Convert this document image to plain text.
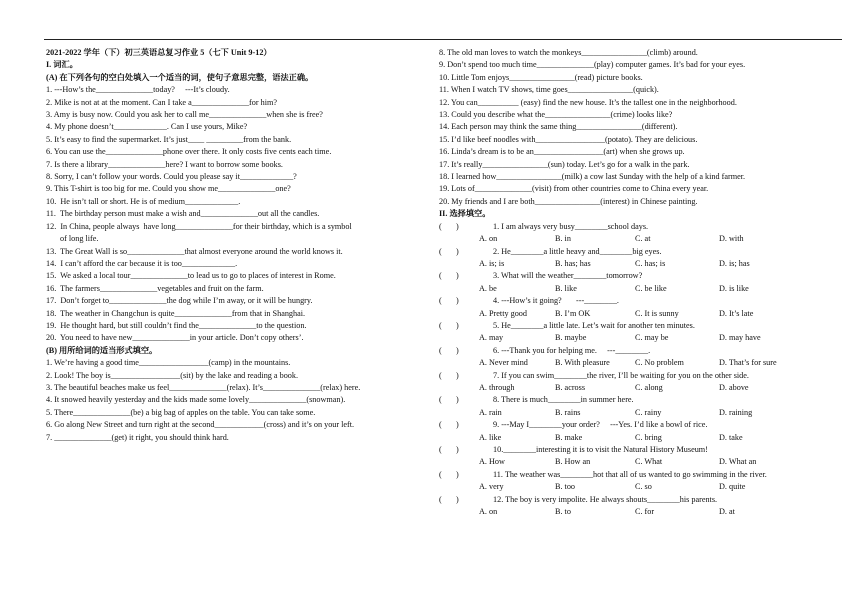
2021-2022 学年（下）初三英语总复习作业 5（七下 Unit 9-12）
I. 词汇。
(A) 在下列各句的空白处填入一个适当的词，使句子意思完整，语法正确。
1. ---How’s the______________today?     ---It’s cloudy.
2. Mike is not at at the moment. Can I take a______________for him?
3. Amy is busy now. Could you ask her to call me______________when she is free?
4. My phone doesn’t_____________. Can I use yours, Mike?
5. It’s easy to find the supermarket. It’s just____ _________from the bank.
6. You can use the______________phone over there. It only costs five cents each time.
7. Is there a library______________here? I want to borrow some books.
8. Sorry, I can’t follow your words. Could you please say it_____________?
9. This T-shirt is too big for me. Could you show me______________one?
10.  He isn’t tall or short. He is of medium_____________.
11.  The birthday person must make a wish and______________out all the candles.
12.  In China, people always  have long______________for their birthday, which is a symbol
of long life.
13.  The Great Wall is so______________that almost everyone around the world knows it.
14.  I can’t afford the car because it is too_____________.
15.  We asked a local tour______________to lead us to go to places of interest in Rome.
16.  The farmers______________vegetables and fruit on the farm.
17.  Don’t forget to______________the dog while I’m away, or it will be hungry.
18.  The weather in Changchun is quite______________from that in Shanghai.
19.  He thought hard, but still couldn’t find the______________to the question.
20.  You need to have new______________in your article. Don’t copy others’.
(B) 用所给词的适当形式填空。
1. We’re having a good time_________________(camp) in the mountains.
2. Look! The boy is_________________(sit) by the lake and reading a book.
3. The beautiful beaches make us feel______________(relax). It’s______________(relax) here.
4. It snowed heavily yesterday and the kids made some lovely______________(snowman).
5. There______________(be) a big bag of apples on the table. You can take some.
6. Go along New Street and turn right at the second____________(cross) and it’s on your left.
7. ______________(get) it right, you should think hard.
8. The old man loves to watch the monkeys________________(climb) around.
9. Don’t spend too much time______________(play) computer games. It’s bad for your eyes.
10. Little Tom enjoys________________(read) picture books.
11. When I watch TV shows, time goes________________(quick).
12. You can__________ (easy) find the new house. It’s the tallest one in the neighborhood.
13. Could you describe what the________________(crime) looks like?
14. Each person may think the same thing________________(different).
15. I’d like beef noodles with_________________(potato). They are delicious.
16. Linda’s dream is to be an_________________(art) when she grows up.
17. It’s really________________(sun) today. Let’s go for a walk in the park.
18. I learned how________________(milk) a cow last Sunday with the help of a kind farmer.
19. Lots of______________(visit) from other countries come to China every year.
20. My friends and I are both________________(interest) in Chinese painting.
II. 选择填空。
(       )	1. I am always very busy________school days.
A. on	B. in	C. at	D. with
(       )	2. He________a little heavy and________big eyes.
A. is; is	B. has; has	C. has; is	D. is; has
(       )	3. What will the weather________tomorrow?
A. be	B. like	C. be like	D. is like
(       )	4. ---How’s it going?       ---________.
A. Pretty good	B. I’m OK	C. It is sunny	D. It’s late
(       )	5. He________a little late. Let’s wait for another ten minutes.
A. may	B. maybe	C. may be	D. may have
(       )	6. ---Thank you for helping me.     ---________.
A. Never mind	B. With pleasure	C. No problem	D. That’s for sure
(       )	7. If you can swim________the river, I’ll be waiting for you on the other side.
A. through	B. across	C. along	D. above
(       )	8. There is much________in summer here.
A. rain	B. rains	C. rainy	D. raining
(       )	9. ---May I________your order?     ---Yes. I’d like a bowl of rice.
A. like	B. make	C. bring	D. take
(       )	10.________interesting it is to visit the Natural History Museum!
A. How	B. How an	C. What	D. What an
(       )	11. The weather was________hot that all of us wanted to go swimming in the river.
A. very	B. too	C. so	D. quite
(       )	12. The boy is very impolite. He always shouts________his parents.
A. on	B. to	C. for	D. at
